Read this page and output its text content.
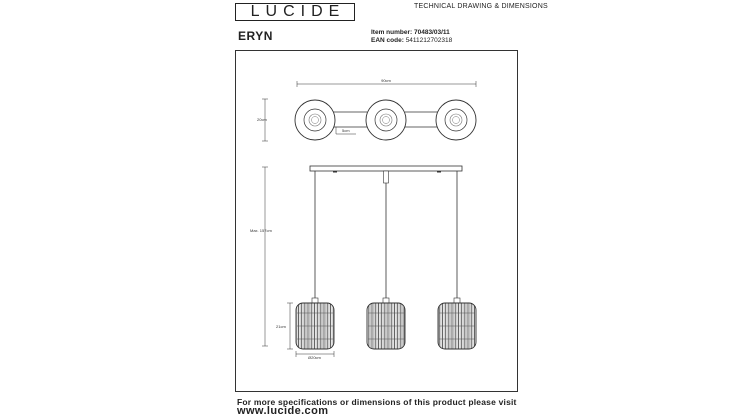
LUCIDE	TECHNICAL DRAWING & DIMENSIONS
ERYN	Item number: 70483/03/11
EAN code: 5411212702318
90cm
20cm
5cm
Max. 157cm
21cm
Ø20cm
For more specifications or dimensions of this product please visit
www.lucide.com
